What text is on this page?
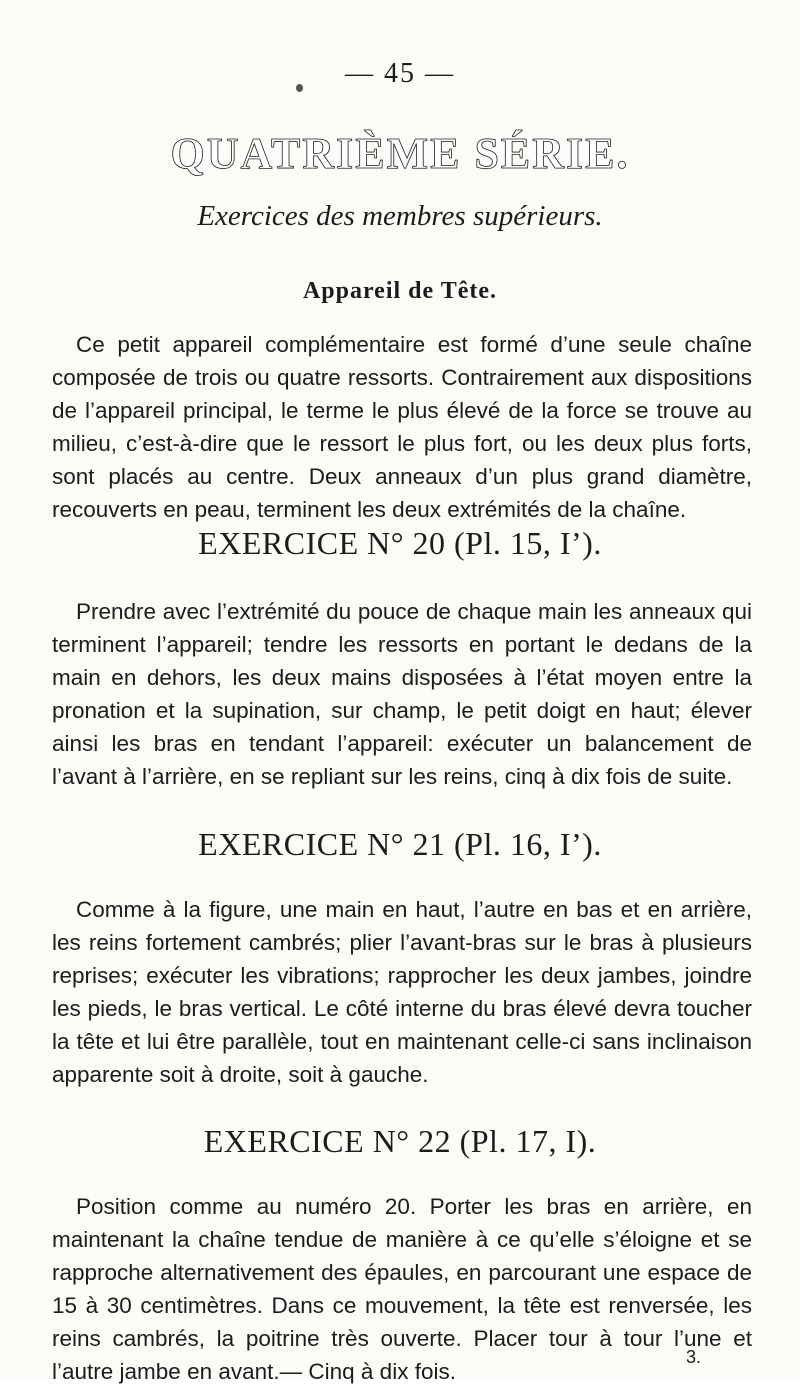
— 45 —
QUATRIÈME SÉRIE.
Exercices des membres supérieurs.
Appareil de Tête.

Ce petit appareil complémentaire est formé d’une seule chaîne composée de trois ou quatre ressorts. Contrairement aux dispositions de l’appareil principal, le terme le plus élevé de la force se trouve au milieu, c’est-à-dire que le ressort le plus fort, ou les deux plus forts, sont placés au centre. Deux anneaux d’un plus grand diamètre, recouverts en peau, terminent les deux extrémités de la chaîne.

EXERCICE N° 20 (Pl. 15, I’).

Prendre avec l’extrémité du pouce de chaque main les anneaux qui terminent l’appareil; tendre les ressorts en portant le dedans de la main en dehors, les deux mains disposées à l’état moyen entre la pronation et la supination, sur champ, le petit doigt en haut; élever ainsi les bras en tendant l’appareil: exécuter un balancement de l’avant à l’arrière, en se repliant sur les reins, cinq à dix fois de suite.

EXERCICE N° 21 (Pl. 16, I’).

Comme à la figure, une main en haut, l’autre en bas et en arrière, les reins fortement cambrés; plier l’avant-bras sur le bras à plusieurs reprises; exécuter les vibrations; rapprocher les deux jambes, joindre les pieds, le bras vertical. Le côté interne du bras élevé devra toucher la tête et lui être parallèle, tout en maintenant celle-ci sans inclinaison apparente soit à droite, soit à gauche.

EXERCICE N° 22 (Pl. 17, I).

Position comme au numéro 20. Porter les bras en arrière, en maintenant la chaîne tendue de manière à ce qu’elle s’éloigne et se rapproche alternativement des épaules, en parcourant une espace de 15 à 30 centimètres. Dans ce mouvement, la tête est renversée, les reins cambrés, la poitrine très ouverte. Placer tour à tour l’une et l’autre jambe en avant.— Cinq à dix fois.

3.
